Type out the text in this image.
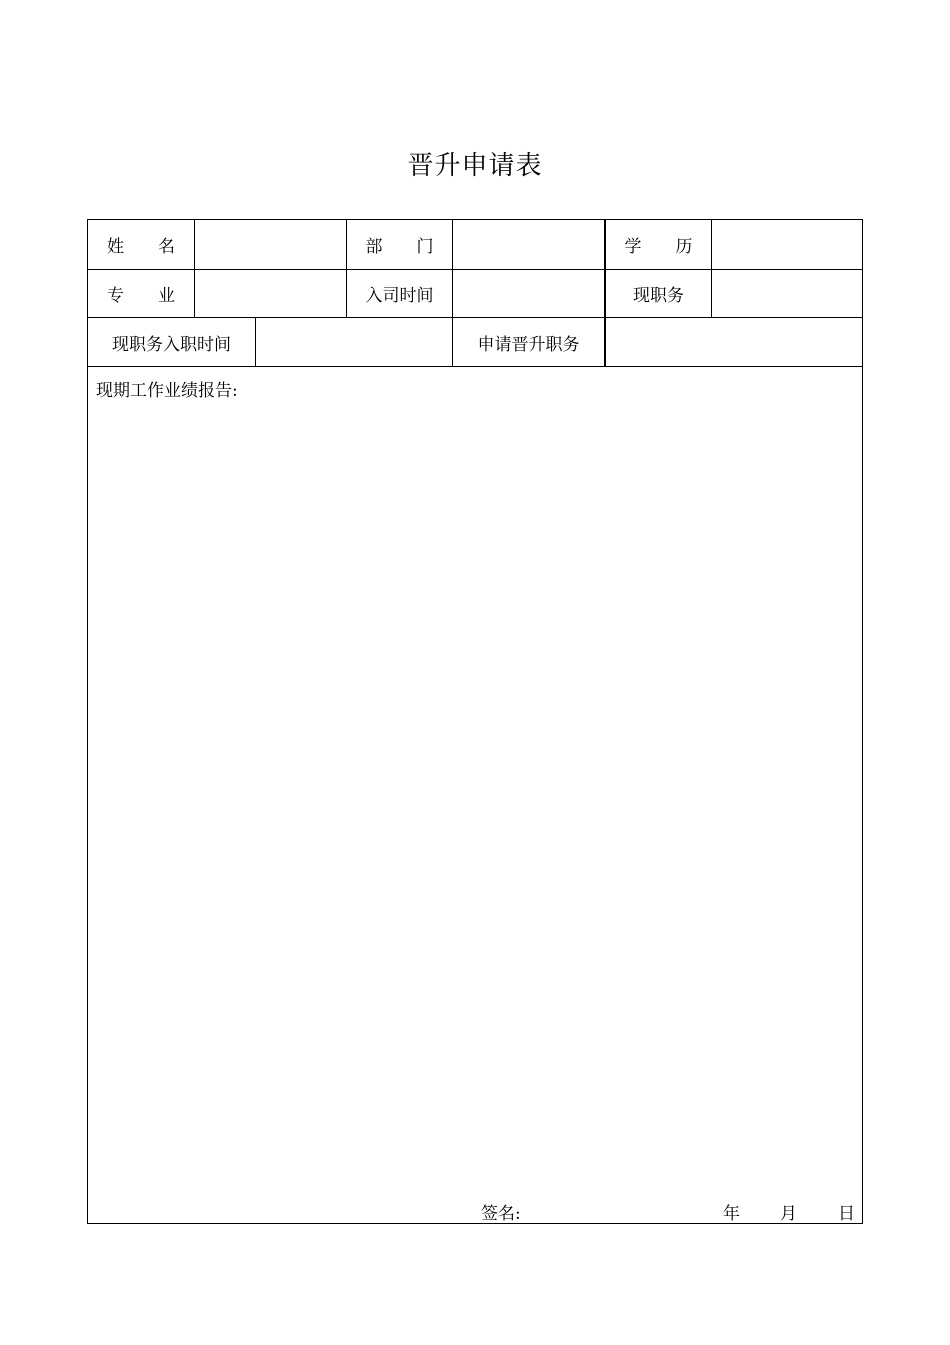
晋升申请表
姓　　名	部　　门	学　　历
专　　业	入司时间	现职务
现职务入职时间	申请晋升职务
现期工作业绩报告:
签名:	年 月 日
